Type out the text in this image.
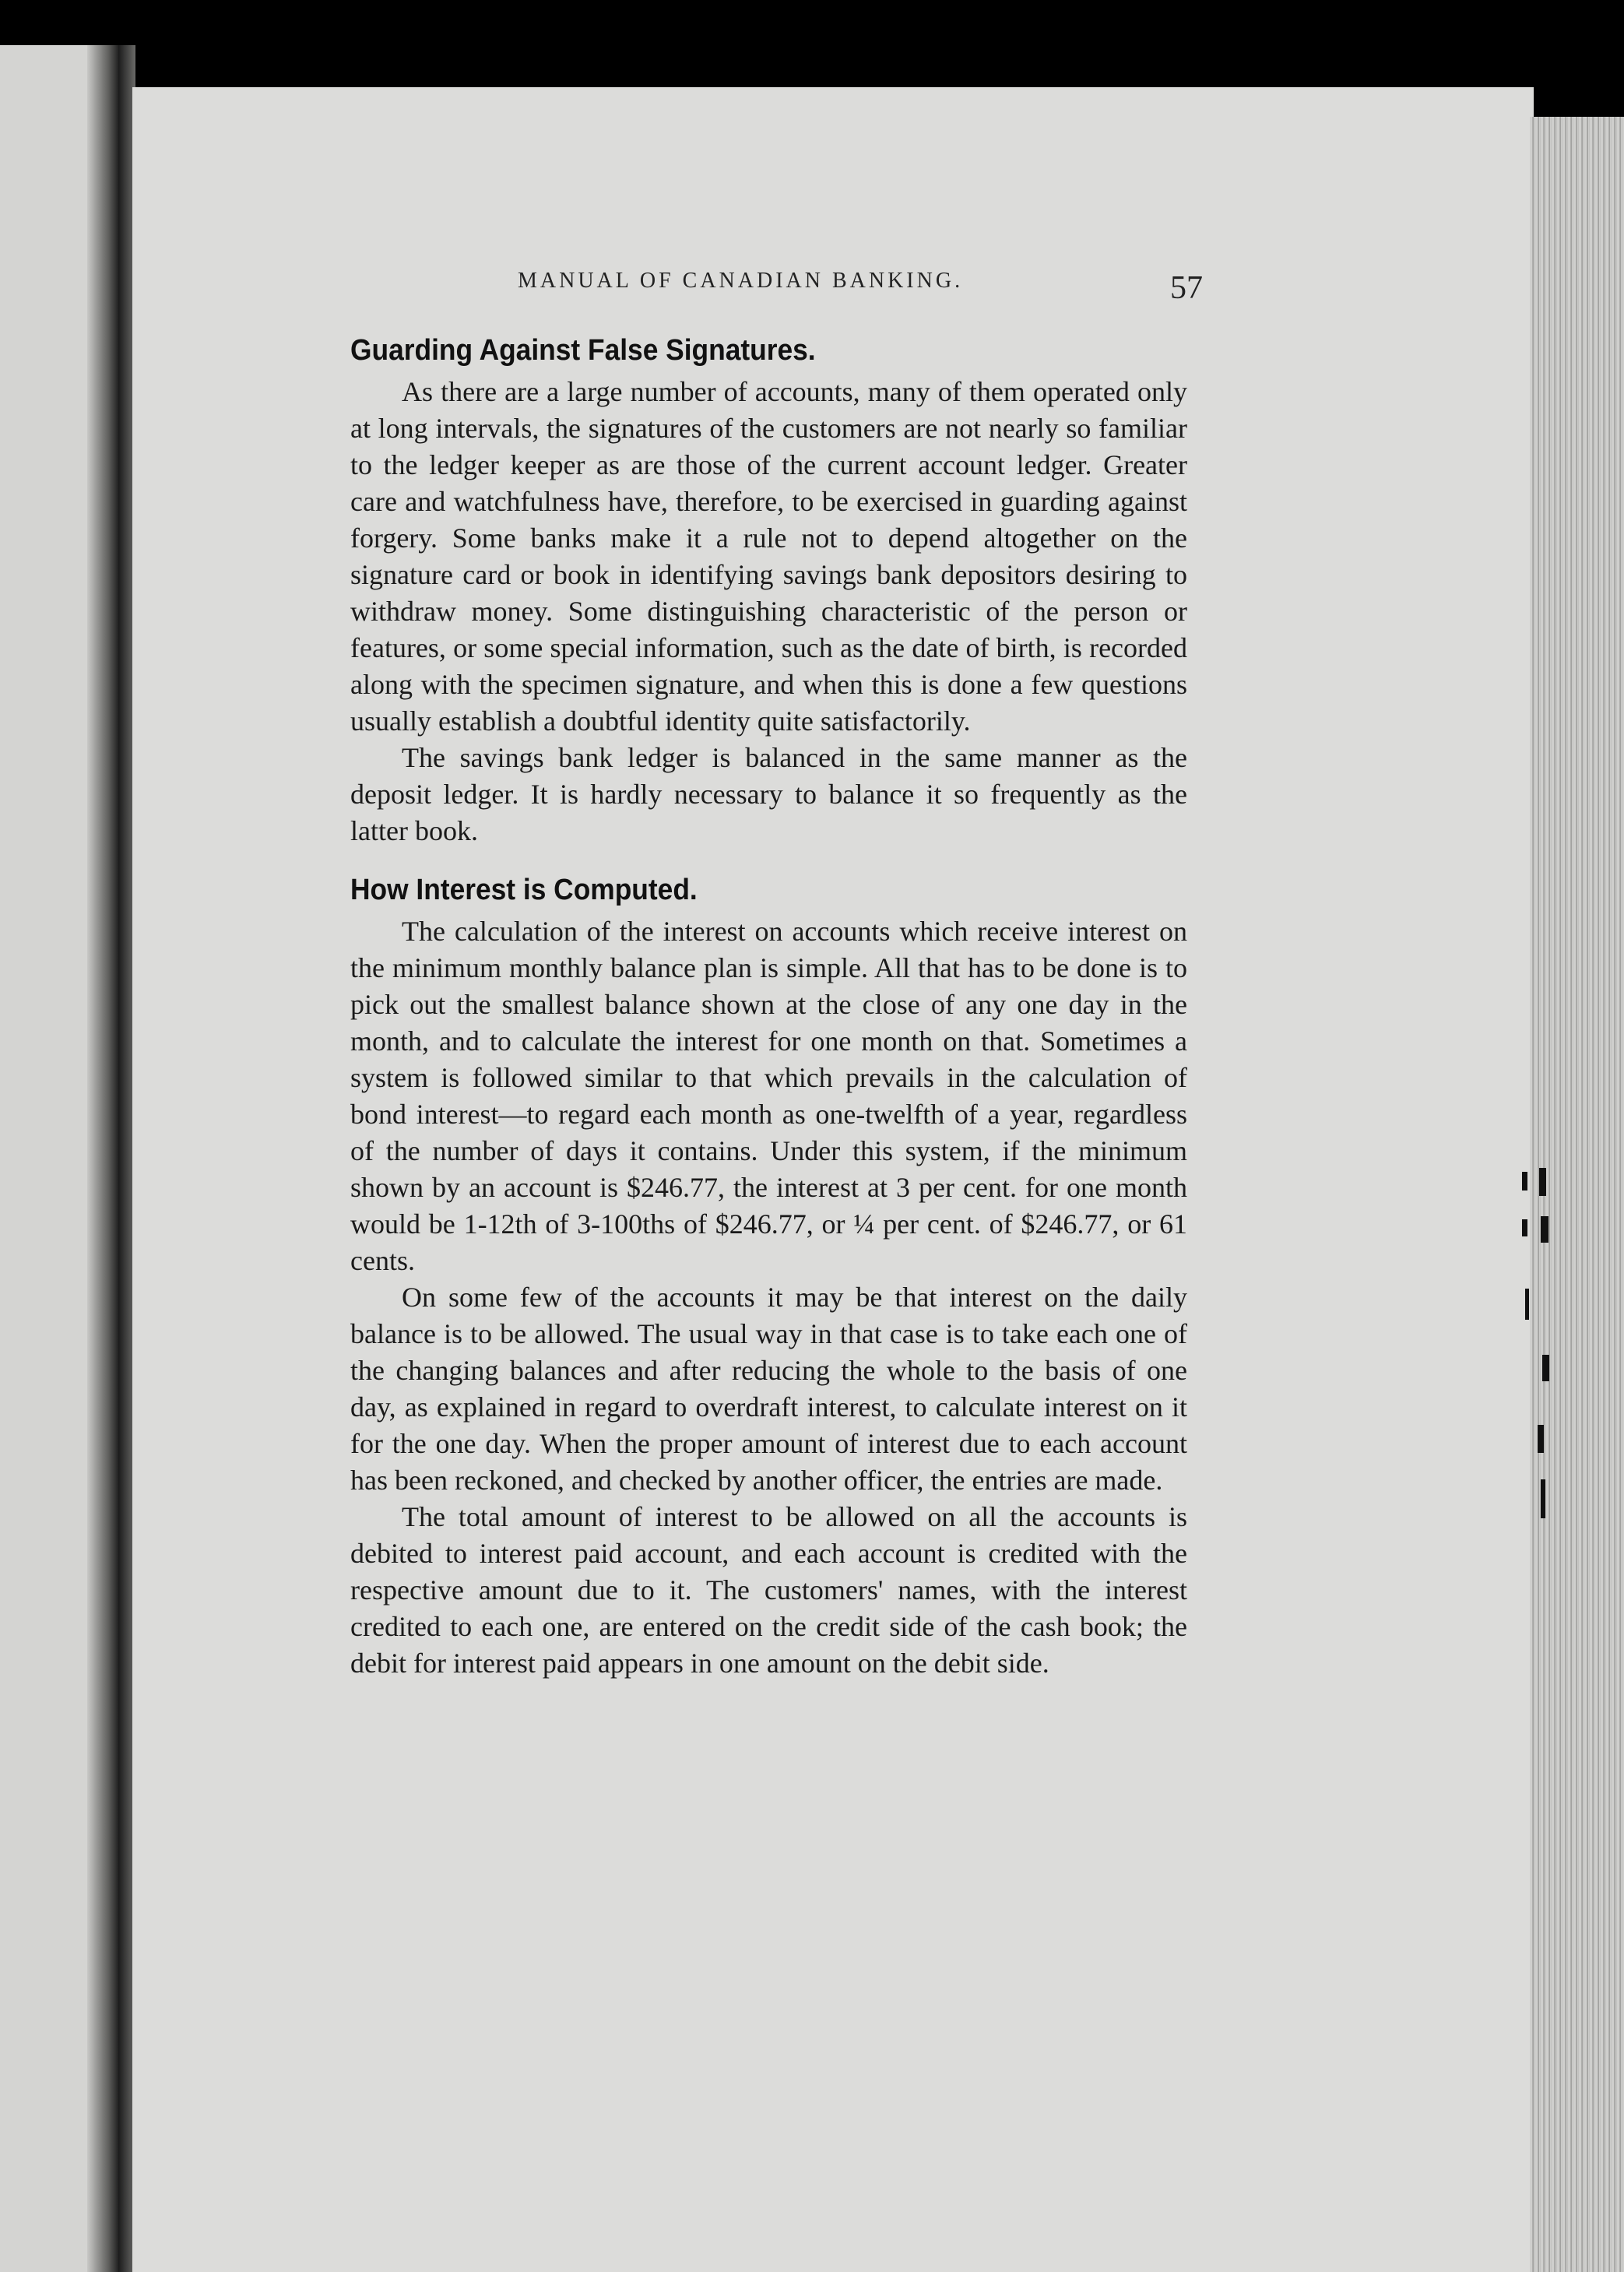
MANUAL OF CANADIAN BANKING.	57
Guarding Against False Signatures.

As there are a large number of accounts, many of them operated only at long intervals, the signatures of the customers are not nearly so familiar to the ledger keeper as are those of the current account ledger. Greater care and watchfulness have, therefore, to be exercised in guarding against forgery. Some banks make it a rule not to depend altogether on the signature card or book in identifying savings bank depositors desiring to withdraw money. Some distinguishing characteristic of the person or features, or some special information, such as the date of birth, is recorded along with the specimen signature, and when this is done a few questions usually establish a doubtful identity quite satisfactorily.

The savings bank ledger is balanced in the same manner as the deposit ledger. It is hardly necessary to balance it so frequently as the latter book.

How Interest is Computed.

The calculation of the interest on accounts which receive interest on the minimum monthly balance plan is simple. All that has to be done is to pick out the smallest balance shown at the close of any one day in the month, and to calculate the interest for one month on that. Sometimes a system is followed similar to that which prevails in the calculation of bond interest—to regard each month as one-twelfth of a year, regardless of the number of days it contains. Under this system, if the minimum shown by an account is $246.77, the interest at 3 per cent. for one month would be 1-12th of 3-100ths of $246.77, or ¼ per cent. of $246.77, or 61 cents.

On some few of the accounts it may be that interest on the daily balance is to be allowed. The usual way in that case is to take each one of the changing balances and after reducing the whole to the basis of one day, as explained in regard to overdraft interest, to calculate interest on it for the one day. When the proper amount of interest due to each account has been reckoned, and checked by another officer, the entries are made.

The total amount of interest to be allowed on all the accounts is debited to interest paid account, and each account is credited with the respective amount due to it. The customers' names, with the interest credited to each one, are entered on the credit side of the cash book; the debit for interest paid appears in one amount on the debit side.
